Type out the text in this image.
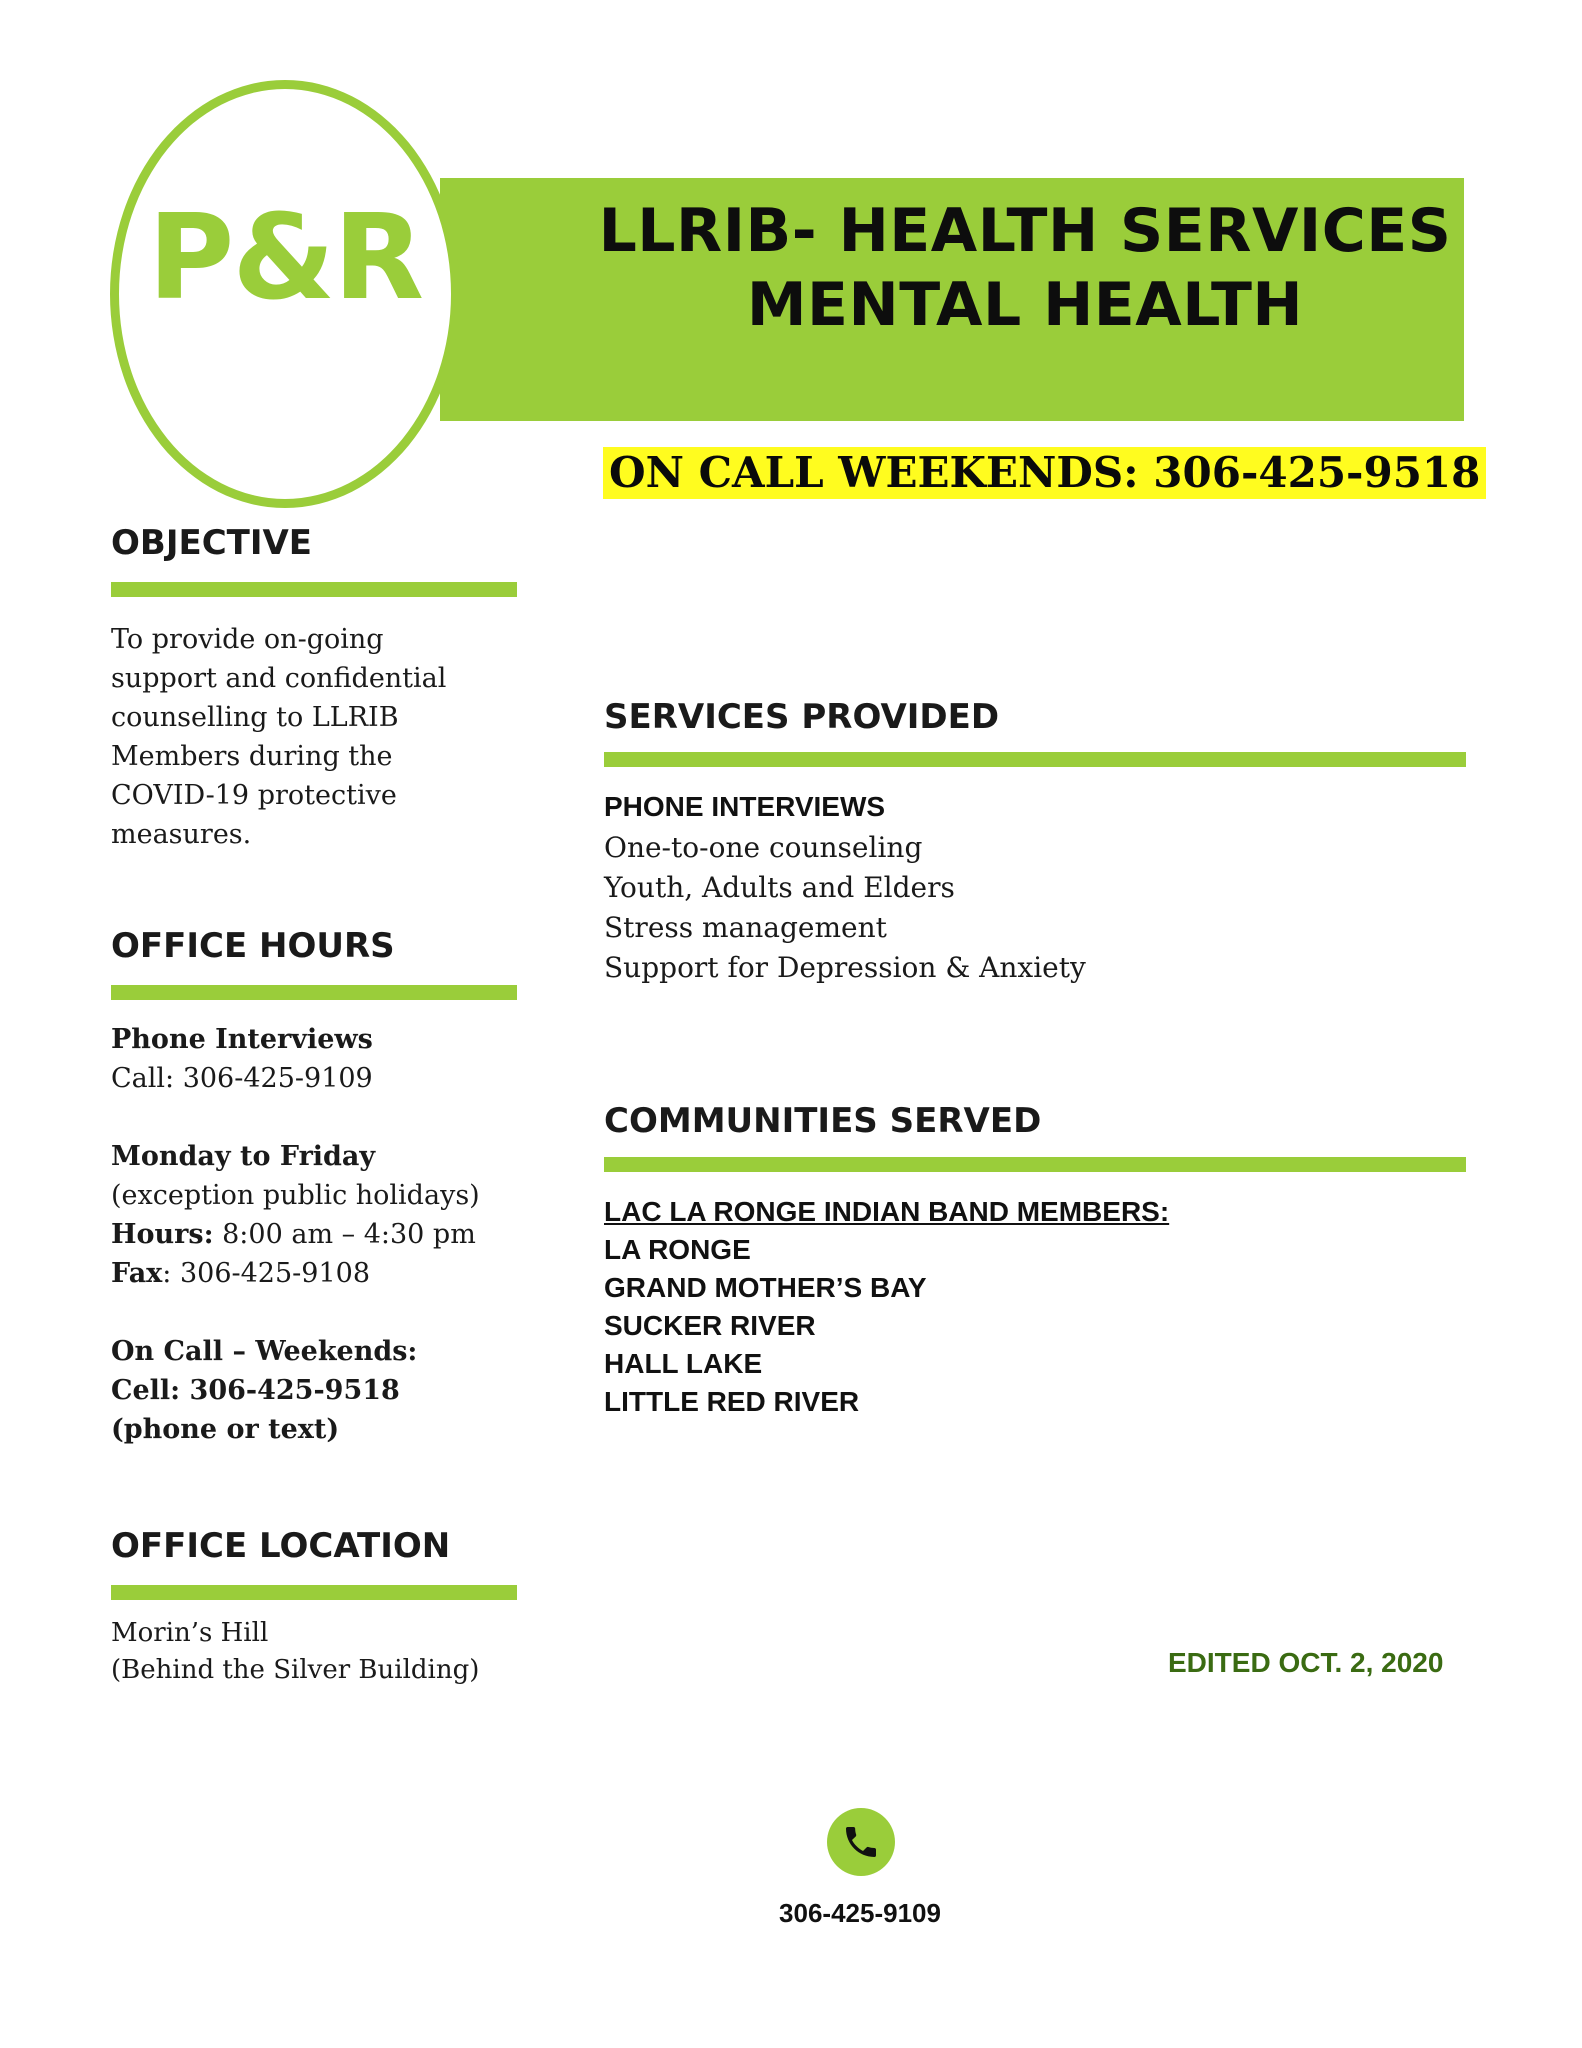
LLRIB- HEALTH SERVICES
MENTAL HEALTH
P&R
ON CALL WEEKENDS: 306-425-9518
OBJECTIVE
To provide on-going
support and confidential
counselling to LLRIB
Members during the
COVID-19 protective
measures.
OFFICE HOURS
Phone Interviews
Call: 306-425-9109
Monday to Friday
(exception public holidays)
Hours: 8:00 am – 4:30 pm
Fax: 306-425-9108
On Call – Weekends:
Cell: 306-425-9518
(phone or text)
OFFICE LOCATION
Morin’s Hill
(Behind the Silver Building)
SERVICES PROVIDED
PHONE INTERVIEWS
One-to-one counseling
Youth, Adults and Elders
Stress management
Support for Depression & Anxiety
COMMUNITIES SERVED
LAC LA RONGE INDIAN BAND MEMBERS:
LA RONGE
GRAND MOTHER’S BAY
SUCKER RIVER
HALL LAKE
LITTLE RED RIVER
EDITED OCT. 2, 2020
306-425-9109
